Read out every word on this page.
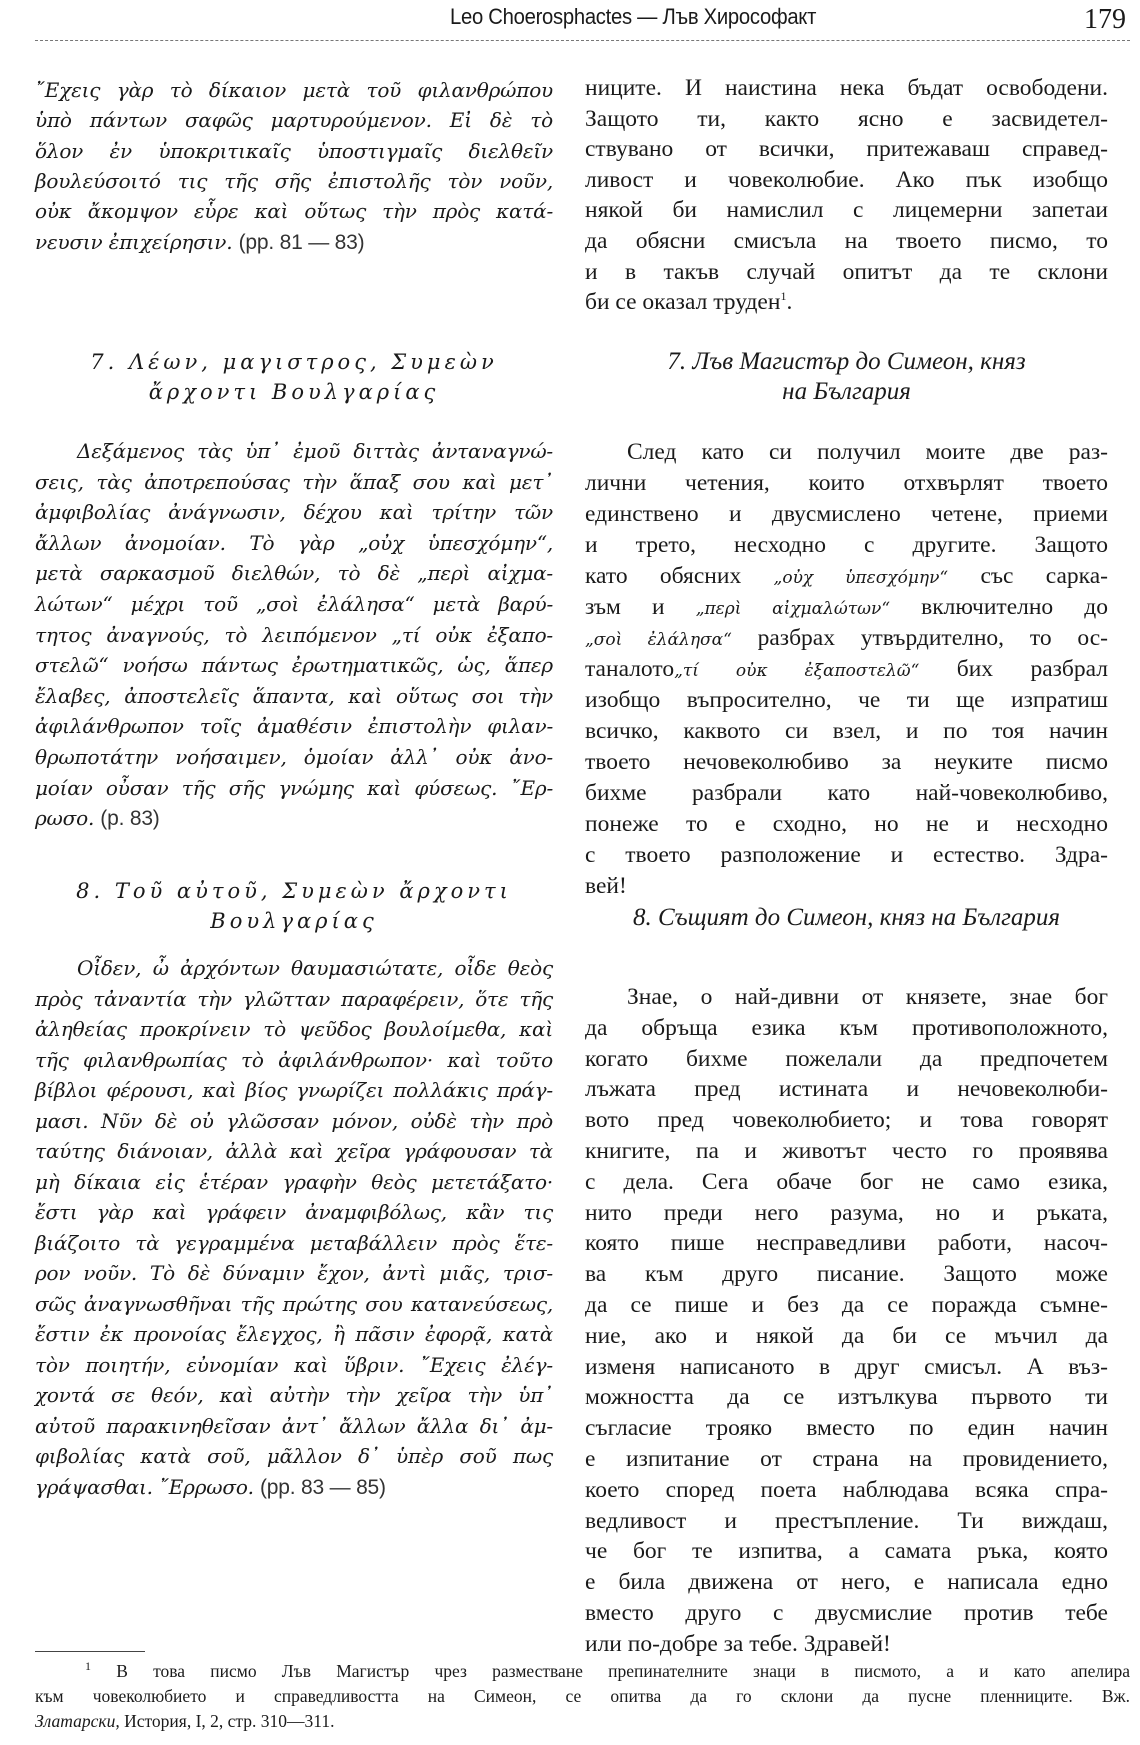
Leo Choerosphactes — Лъв Хирософакт	179
῎Εχεις γὰρ τὸ δίκαιον μετὰ τοῦ φιλανθρώπου
ὑπὸ πάντων σαφῶς μαρτυρούμενον. Εἰ δὲ τὸ
ὅλον ἐν ὑποκριτικαῖς ὑποστιγμαῖς διελθεῖν
βουλεύσοιτό τις τῆς σῆς ἐπιστολῆς τὸν νοῦν,
οὐκ ἄκομψον εὗρε καὶ οὕτως τὴν πρὸς κατά-
νευσιν ἐπιχείρησιν. (pp. 81 — 83)
7. Λέων, μαγιστρος, Συμεὼν
ἄρχοντι Βουλγαρίας
Δεξάμενος τὰς ὑπ᾽ ἐμοῦ διττὰς ἀνταναγνώ-
σεις, τὰς ἀποτρεπούσας τὴν ἅπαξ σου καὶ μετ᾽
ἀμφιβολίας ἀνάγνωσιν, δέχου καὶ τρίτην τῶν
ἄλλων ἀνομοίαν. Τὸ γὰρ „οὐχ ὑπεσχόμην“,
μετὰ σαρκασμοῦ διελθών, τὸ δὲ „περὶ αἰχμα-
λώτων“ μέχρι τοῦ „σοὶ ἐλάλησα“ μετὰ βαρύ-
τητος ἀναγνούς, τὸ λειπόμενον „τί οὐκ ἐξαπο-
στελῶ“ νοήσω πάντως ἐρωτηματικῶς, ὡς, ἅπερ
ἔλαβες, ἀποστελεῖς ἅπαντα, καὶ οὕτως σοι τὴν
ἀφιλάνθρωπον τοῖς ἀμαθέσιν ἐπιστολὴν φιλαν-
θρωποτάτην νοήσαιμεν, ὁμοίαν ἀλλ᾽ οὐκ ἀνο-
μοίαν οὖσαν τῆς σῆς γνώμης καὶ φύσεως. ῎Ερ-
ρωσο. (p. 83)
8. Τοῦ αὐτοῦ, Συμεὼν ἄρχοντι
Βουλγαρίας
Οἶδεν, ὦ ἀρχόντων θαυμασιώτατε, οἶδε θεὸς
πρὸς τἀναντία τὴν γλῶτταν παραφέρειν, ὅτε τῆς
ἀληθείας προκρίνειν τὸ ψεῦδος βουλοίμεθα, καὶ
τῆς φιλανθρωπίας τὸ ἀφιλάνθρωπον· καὶ τοῦτο
βίβλοι φέρουσι, καὶ βίος γνωρίζει πολλάκις πράγ-
μασι. Νῦν δὲ οὐ γλῶσσαν μόνον, οὐδὲ τὴν πρὸ
ταύτης διάνοιαν, ἀλλὰ καὶ χεῖρα γράφουσαν τὰ
μὴ δίκαια εἰς ἑτέραν γραφὴν θεὸς μετετάξατο·
ἔστι γὰρ καὶ γράφειν ἀναμφιβόλως, κἂν τις
βιάζοιτο τὰ γεγραμμένα μεταβάλλειν πρὸς ἕτε-
ρον νοῦν. Τὸ δὲ δύναμιν ἔχον, ἀντὶ μιᾶς, τρισ-
σῶς ἀναγνωσθῆναι τῆς πρώτης σου κατανεύσεως,
ἔστιν ἐκ προνοίας ἔλεγχος, ἢ πᾶσιν ἐφορᾷ, κατὰ
τὸν ποιητήν, εὐνομίαν καὶ ὕβριν. ῎Εχεις ἐλέγ-
χοντά σε θεόν, καὶ αὐτὴν τὴν χεῖρα τὴν ὑπ᾽
αὐτοῦ παρακινηθεῖσαν ἀντ᾽ ἄλλων ἄλλα δι᾽ ἀμ-
φιβολίας κατὰ σοῦ, μᾶλλον δ᾽ ὑπὲρ σοῦ πως
γράψασθαι. ῎Ερρωσο. (pp. 83 — 85)
ниците. И наистина нека бъдат освободени.
Защото ти, както ясно е засвидетел-
ствувано от всички, притежаваш справед-
ливост и човеколюбие. Ако пък изобщо
някой би намислил с лицемерни запетаи
да обясни смисъла на твоето писмо, то
и в такъв случай опитът да те склони
би се оказал труден$^1$.
7. Лъв Магистър до Симеон, княз
на България
След като си получил моите две раз-
лични четения, които отхвърлят твоето
единствено и двусмислено четене, приеми
и трето, несходно с другите. Защото
като обясних „οὐχ ὑπεσχόμην“ със сарка-
зъм и „περὶ αἰχμαλώτων“ включително до
„σοὶ ἐλάλησα“ разбрах утвърдително, то ос-
таналото„τί οὐκ ἐξαποστελῶ“ бих разбрал
изобщо въпросително, че ти ще изпратиш
всичко, каквото си взел, и по тоя начин
твоето нечовеколюбиво за неуките писмо
бихме разбрали като най-човеколюбиво,
понеже то е сходно, но не и несходно
с твоето разположение и естество. Здра-
вей!
8. Същият до Симеон, княз на България
Знае, о най-дивни от князете, знае бог
да обръща езика към противоположното,
когато бихме пожелали да предпочетем
лъжата пред истината и нечовеколюби-
вото пред човеколюбието; и това говорят
книгите, па и животът често го проявява
с дела. Сега обаче бог не само езика,
нито преди него разума, но и ръката,
която пише несправедливи работи, насоч-
ва към друго писание. Защото може
да се пише и без да се поражда съмне-
ние, ако и някой да би се мъчил да
изменя написаното в друг смисъл. А въз-
можността да се изтълкува първото ти
съгласие трояко вместо по един начин
е изпитание от страна на провидението,
което според поета наблюдава всяка спра-
ведливост и престъпление. Ти виждаш,
че бог те изпитва, а самата ръка, която
е била движена от него, е написала едно
вместо друго с двусмислие против тебе
или по-добре за тебе. Здравей!
$^1$ В това писмо Лъв Магистър чрез разместване препинателните знаци в писмото, а и като апелира
към човеколюбието и справедливостта на Симеон, се опитва да го склони да пусне пленниците. Вж.
Златарски, История, I, 2, стр. 310—311.
